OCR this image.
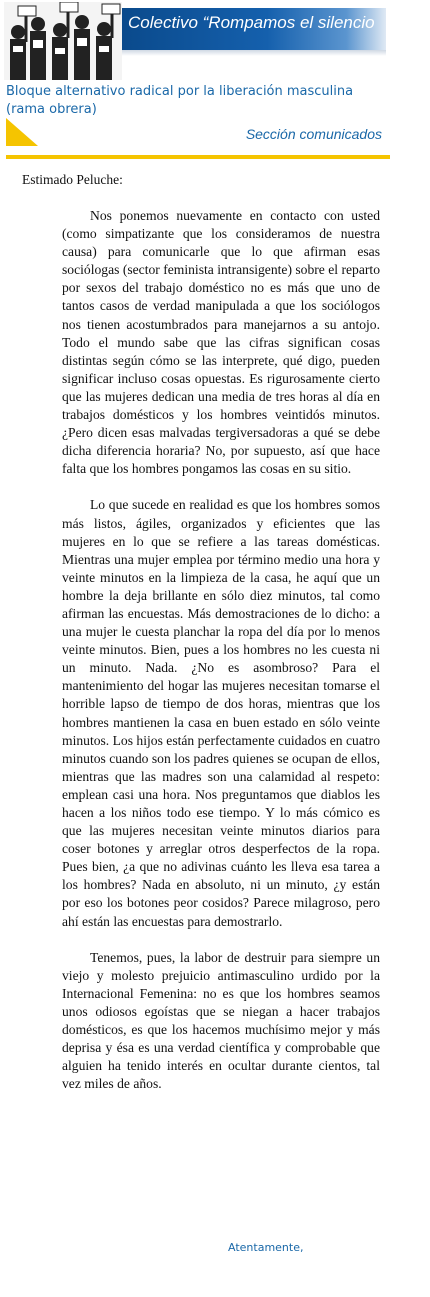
Colectivo “Rompamos el silencio
Bloque alternativo radical por la liberación masculina (rama obrera)
Sección comunicados
Estimado Peluche:

Nos ponemos nuevamente en contacto con usted (como simpatizante que los consideramos de nuestra causa) para comunicarle que lo que afirman esas sociólogas (sector feminista intransigente) sobre el reparto por sexos del trabajo doméstico no es más que uno de tantos casos de verdad manipulada a que los sociólogos nos tienen acostumbrados para manejarnos a su antojo. Todo el mundo sabe que las cifras significan cosas distintas según cómo se las interprete, qué digo, pueden significar incluso cosas opuestas. Es rigurosamente cierto que las mujeres dedican una media de tres horas al día en trabajos domésticos y los hombres veintidós minutos. ¿Pero dicen esas malvadas tergiversadoras a qué se debe dicha diferencia horaria? No, por supuesto, así que hace falta que los hombres pongamos las cosas en su sitio.

Lo que sucede en realidad es que los hombres somos más listos, ágiles, organizados y eficientes que las mujeres en lo que se refiere a las tareas domésticas. Mientras una mujer emplea por término medio una hora y veinte minutos en la limpieza de la casa, he aquí que un hombre la deja brillante en sólo diez minutos, tal como afirman las encuestas. Más demostraciones de lo dicho: a una mujer le cuesta planchar la ropa del día por lo menos veinte minutos. Bien, pues a los hombres no les cuesta ni un minuto. Nada. ¿No es asombroso? Para el mantenimiento del hogar las mujeres necesitan tomarse el horrible lapso de tiempo de dos horas, mientras que los hombres mantienen la casa en buen estado en sólo veinte minutos. Los hijos están perfectamente cuidados en cuatro minutos cuando son los padres quienes se ocupan de ellos, mientras que las madres son una calamidad al respeto: emplean casi una hora. Nos preguntamos que diablos les hacen a los niños todo ese tiempo. Y lo más cómico es que las mujeres necesitan veinte minutos diarios para coser botones y arreglar otros desperfectos de la ropa. Pues bien, ¿a que no adivinas cuánto les lleva esa tarea a los hombres? Nada en absoluto, ni un minuto, ¿y están por eso los botones peor cosidos? Parece milagroso, pero ahí están las encuestas para demostrarlo.

Tenemos, pues, la labor de destruir para siempre un viejo y molesto prejuicio antimasculino urdido por la Internacional Femenina: no es que los hombres seamos unos odiosos egoístas que se niegan a hacer trabajos domésticos, es que los hacemos muchísimo mejor y más deprisa y ésa es una verdad científica y comprobable que alguien ha tenido interés en ocultar durante cientos, tal vez miles de años.

Atentamente,
